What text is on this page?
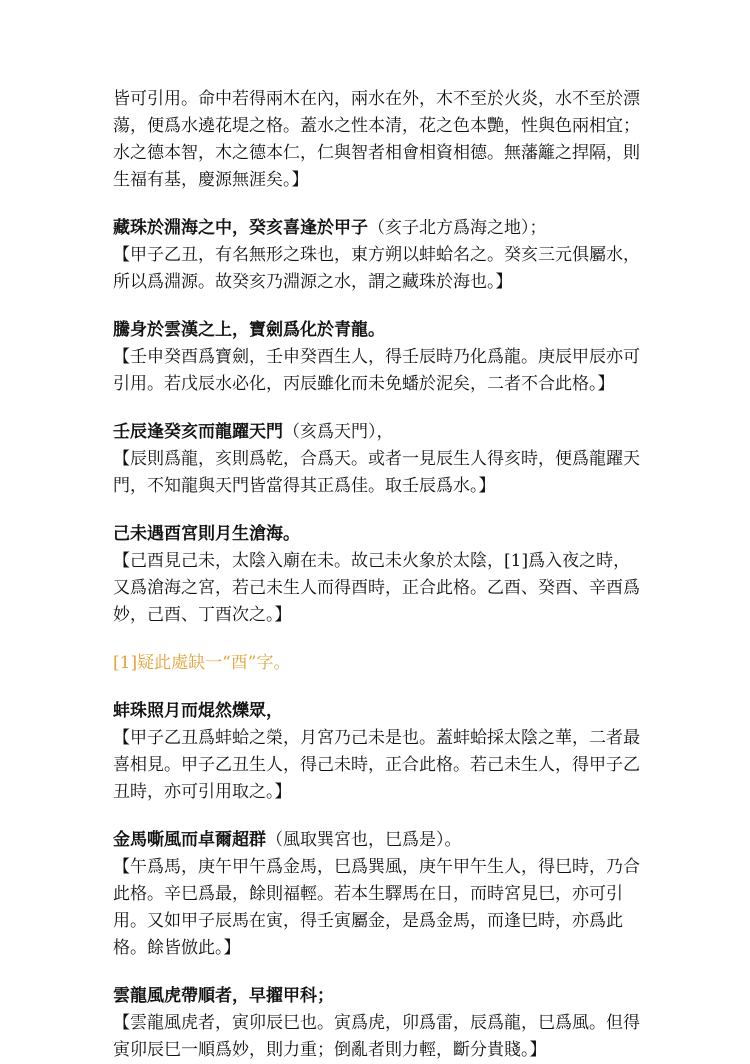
皆可引用。命中若得兩木在內，兩水在外，木不至於火炎，水不至於漂蕩，便爲水遶花堤之格。蓋水之性本清，花之色本艷，性與色兩相宜；水之德本智，木之德本仁，仁與智者相會相資相德。無藩籬之捍隔，則生福有基，慶源無涯矣。】

藏珠於淵海之中，癸亥喜逢於甲子（亥子北方爲海之地）；

【甲子乙丑，有名無形之珠也，東方朔以蚌蛤名之。癸亥三元俱屬水，所以爲淵源。故癸亥乃淵源之水，謂之藏珠於海也。】

騰身於雲漢之上，寶劍爲化於青龍。

【壬申癸酉爲寶劍，壬申癸酉生人，得壬辰時乃化爲龍。庚辰甲辰亦可引用。若戊辰水必化，丙辰雖化而未免蟠於泥矣，二者不合此格。】

壬辰逢癸亥而龍躍天門（亥爲天門），

【辰則爲龍，亥則爲乾，合爲天。或者一見辰生人得亥時，便爲龍躍天門，不知龍與天門皆當得其正爲佳。取壬辰爲水。】

己未遇酉宮則月生滄海。

【己酉見己未，太陰入廟在未。故己未火象於太陰，[1]爲入夜之時，又爲滄海之宮，若己未生人而得酉時，正合此格。乙酉、癸酉、辛酉爲妙，己酉、丁酉次之。】

[1]疑此處缺一“酉”字。

蚌珠照月而焜然爍眾，

【甲子乙丑爲蚌蛤之榮，月宮乃己未是也。蓋蚌蛤採太陰之華，二者最喜相見。甲子乙丑生人，得己未時，正合此格。若己未生人，得甲子乙丑時，亦可引用取之。】

金馬嘶風而卓爾超群（風取巽宮也，巳爲是）。

【午爲馬，庚午甲午爲金馬，巳爲巽風，庚午甲午生人，得巳時，乃合此格。辛巳爲最，餘則福輕。若本生驛馬在日，而時宮見巳，亦可引用。又如甲子辰馬在寅，得壬寅屬金，是爲金馬，而逢巳時，亦爲此格。餘皆倣此。】

雲龍風虎帶順者，早擢甲科；

【雲龍風虎者，寅卯辰巳也。寅爲虎，卯爲雷，辰爲龍，巳爲風。但得寅卯辰巳一順爲妙，則力重；倒亂者則力輕，斷分貴賤。】
